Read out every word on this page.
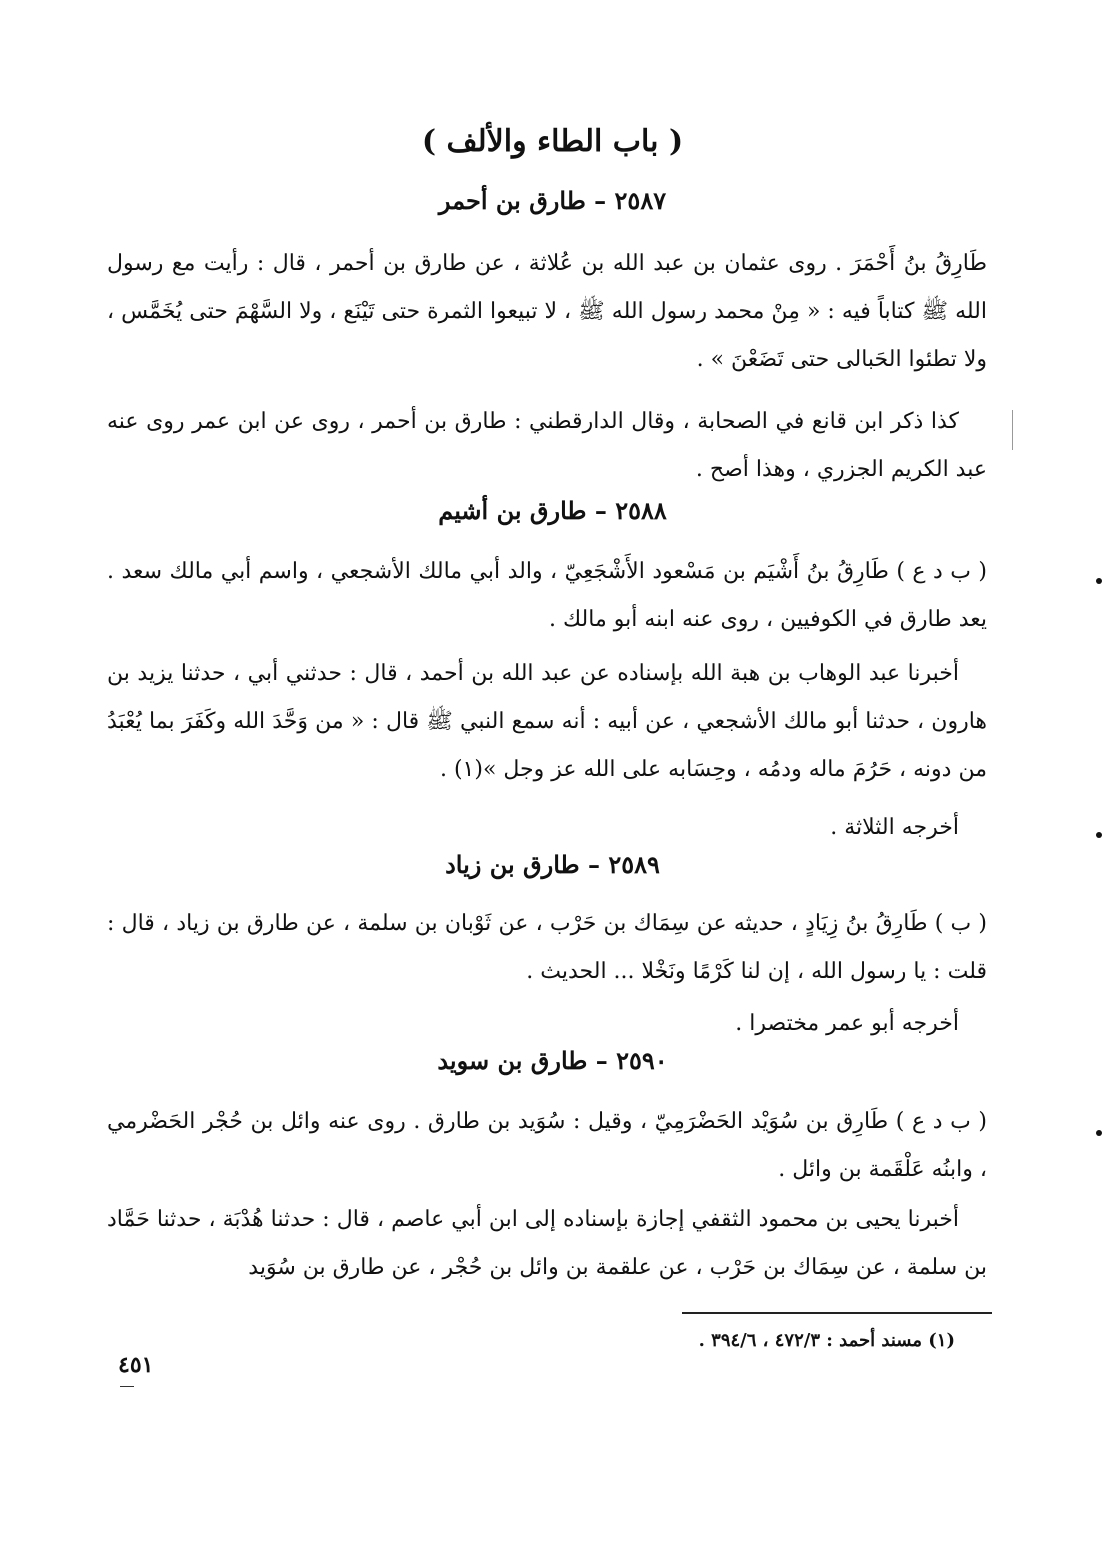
( باب الطاء والألف )
٢٥٨٧ – طارق بن أحمر
طَارِقُ بنُ أَحْمَرَ . روى عثمان بن عبد الله بن عُلاثة ، عن طارق بن أحمر ، قال : رأيت مع رسول الله ﷺ كتاباً فيه : « مِنْ محمد رسول الله ﷺ ، لا تبيعوا الثمرة حتى تَيْنَع ، ولا السَّهْمَ حتى يُخَمَّس ، ولا تطئوا الحَبالى حتى تَضَعْنَ » .
كذا ذكر ابن قانع في الصحابة ، وقال الدارقطني : طارق بن أحمر ، روى عن ابن عمر روى عنه عبد الكريم الجزري ، وهذا أصح .
٢٥٨٨ – طارق بن أشيم
( ب د ع ) طَارِقُ بنُ أَشْيَم بن مَسْعود الأَشْجَعِيّ ، والد أبي مالك الأشجعي ، واسم أبي مالك سعد . يعد طارق في الكوفيين ، روى عنه ابنه أبو مالك .
أخبرنا عبد الوهاب بن هبة الله بإسناده عن عبد الله بن أحمد ، قال : حدثني أبي ، حدثنا يزيد بن هارون ، حدثنا أبو مالك الأشجعي ، عن أبيه : أنه سمع النبي ﷺ قال : « من وَحَّدَ الله وكَفَرَ بما يُعْبَدُ من دونه ، حَرُمَ ماله ودمُه ، وحِسَابه على الله عز وجل »(١) .
أخرجه الثلاثة .
٢٥٨٩ – طارق بن زياد
( ب ) طَارِقُ بنُ زِيَادٍ ، حديثه عن سِمَاك بن حَرْب ، عن ثَوْبان بن سلمة ، عن طارق بن زياد ، قال : قلت : يا رسول الله ، إن لنا كَرْمًا ونَخْلا ... الحديث .
أخرجه أبو عمر مختصرا .
٢٥٩٠ – طارق بن سويد
( ب د ع ) طَارِق بن سُوَيْد الحَضْرَمِيّ ، وقيل : سُوَيد بن طارق . روى عنه وائل بن حُجْر الحَضْرمي ، وابنُه عَلْقَمة بن وائل .
أخبرنا يحيى بن محمود الثقفي إجازة بإسناده إلى ابن أبي عاصم ، قال : حدثنا هُدْبَة ، حدثنا حَمَّاد بن سلمة ، عن سِمَاك بن حَرْب ، عن علقمة بن وائل بن حُجْر ، عن طارق بن سُوَيد
(١) مسند أحمد : ٤٧٢/٣ ، ٣٩٤/٦ .
٤٥١
